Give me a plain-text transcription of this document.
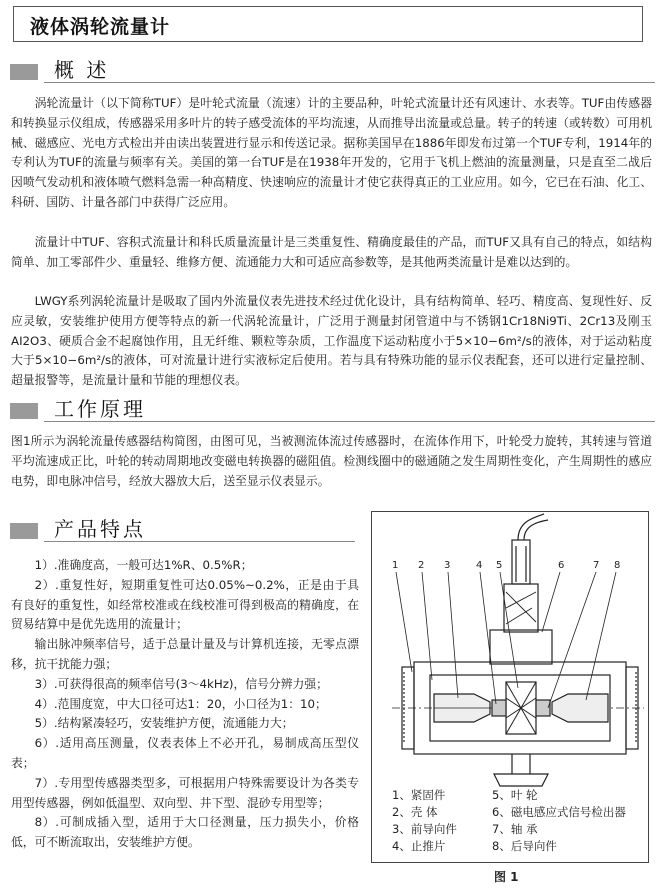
液体涡轮流量计
概 述

涡轮流量计（以下简称TUF）是叶轮式流量（流速）计的主要品种，叶轮式流量计还有风速计、水表等。TUF由传感器和转换显示仪组成，传感器采用多叶片的转子感受流体的平均流速，从而推导出流量或总量。转子的转速（或转数）可用机械、磁感应、光电方式检出并由读出装置进行显示和传送记录。据称美国早在1886年即发布过第一个TUF专利，1914年的专利认为TUF的流量与频率有关。美国的第一台TUF是在1938年开发的，它用于飞机上燃油的流量测量，只是直至二战后因喷气发动机和液体喷气燃料急需一种高精度、快速响应的流量计才使它获得真正的工业应用。如今，它已在石油、化工、科研、国防、计量各部门中获得广泛应用。

流量计中TUF、容积式流量计和科氏质量流量计是三类重复性、精确度最佳的产品，而TUF又具有自己的特点，如结构简单、加工零部件少、重量轻、维修方便、流通能力大和可适应高参数等，是其他两类流量计是难以达到的。

LWGY系列涡轮流量计是吸取了国内外流量仪表先进技术经过优化设计，具有结构简单、轻巧、精度高、复现性好、反应灵敏，安装维护使用方便等特点的新一代涡轮流量计，广泛用于测量封闭管道中与不锈钢1Cr18Ni9Ti、2Cr13及刚玉AI2O3、硬质合金不起腐蚀作用，且无纤维、颗粒等杂质，工作温度下运动粘度小于5×10−6m²/s的液体，对于运动粘度大于5×10−6m²/s的液体，可对流量计进行实液标定后使用。若与具有特殊功能的显示仪表配套，还可以进行定量控制、超量报警等，是流量计量和节能的理想仪表。

工作原理

图1所示为涡轮流量传感器结构简图，由图可见，当被测流体流过传感器时，在流体作用下，叶轮受力旋转，其转速与管道平均流速成正比，叶轮的转动周期地改变磁电转换器的磁阻值。检测线圈中的磁通随之发生周期性变化，产生周期性的感应电势，即电脉冲信号，经放大器放大后，送至显示仪表显示。

产品特点

1）.准确度高，一般可达1%R、0.5%R；

2）.重复性好，短期重复性可达0.05%~0.2%，正是由于具有良好的重复性，如经常校准或在线校准可得到极高的精确度，在贸易结算中是优先选用的流量计；

输出脉冲频率信号，适于总量计量及与计算机连接，无零点漂移，抗干扰能力强；

3）.可获得很高的频率信号(3～4kHz)，信号分辨力强；

4）.范围度宽，中大口径可达1：20，小口径为1：10；

5）.结构紧凑轻巧，安装维护方便，流通能力大；

6）.适用高压测量，仪表表体上不必开孔，易制成高压型仪表；

7）.专用型传感器类型多，可根据用户特殊需要设计为各类专用型传感器，例如低温型、双向型、井下型、混砂专用型等；

8）.可制成插入型，适用于大口径测量，压力损失小，价格低，可不断流取出，安装维护方便。

1 2 3	4 5	6	7 8
1、紧固件	5、叶 轮
2、壳 体	6、磁电感应式信号检出器
3、前导向件	7、轴 承
4、止推片	8、后导向件
图 1
